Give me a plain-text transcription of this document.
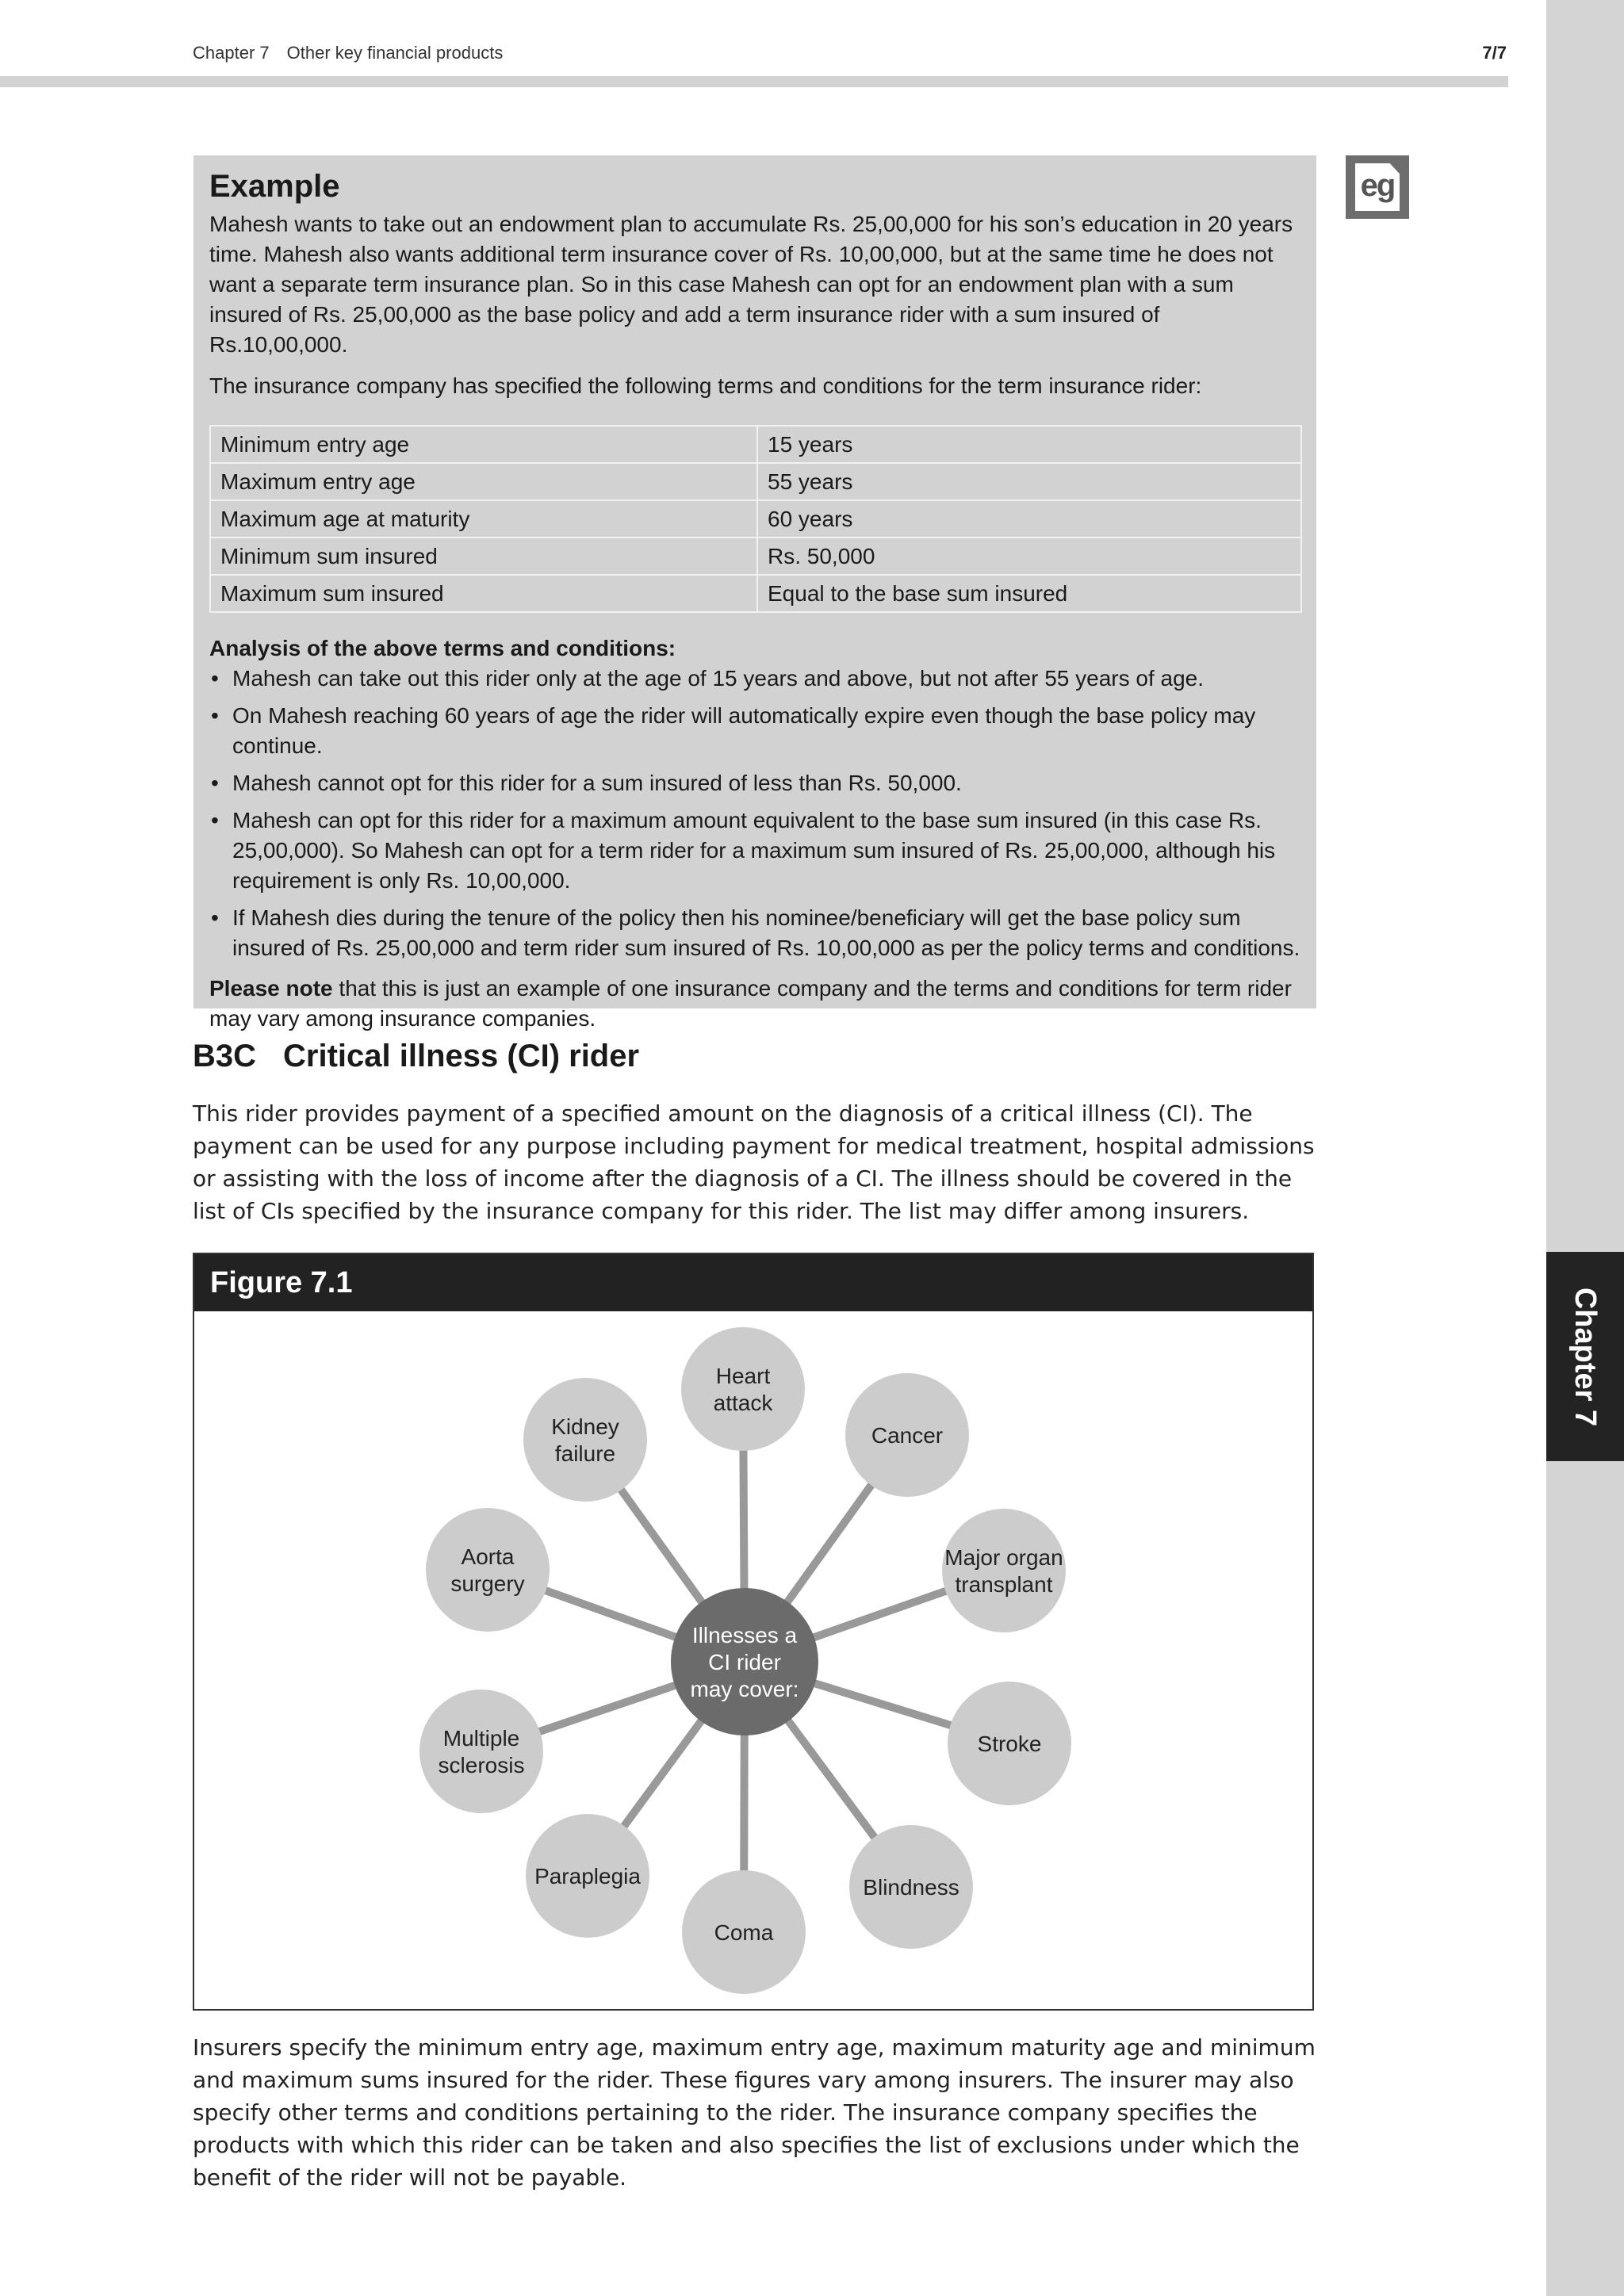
Chapter 7 Other key financial products	7/7
Chapter 7
eg
Example

Mahesh wants to take out an endowment plan to accumulate Rs. 25,00,000 for his son’s education in 20 years time. Mahesh also wants additional term insurance cover of Rs. 10,00,000, but at the same time he does not want a separate term insurance plan. So in this case Mahesh can opt for an endowment plan with a sum insured of Rs. 25,00,000 as the base policy and add a term insurance rider with a sum insured of Rs.10,00,000.

The insurance company has specified the following terms and conditions for the term insurance rider:

Minimum entry age	15 years
Maximum entry age	55 years
Maximum age at maturity	60 years
Minimum sum insured	Rs. 50,000
Maximum sum insured	Equal to the base sum insured

Analysis of the above terms and conditions:

• Mahesh can take out this rider only at the age of 15 years and above, but not after 55 years of age.
• On Mahesh reaching 60 years of age the rider will automatically expire even though the base policy may continue.
• Mahesh cannot opt for this rider for a sum insured of less than Rs. 50,000.
• Mahesh can opt for this rider for a maximum amount equivalent to the base sum insured (in this case Rs. 25,00,000). So Mahesh can opt for a term rider for a maximum sum insured of Rs. 25,00,000, although his requirement is only Rs. 10,00,000.
• If Mahesh dies during the tenure of the policy then his nominee/beneficiary will get the base policy sum insured of Rs. 25,00,000 and term rider sum insured of Rs. 10,00,000 as per the policy terms and conditions.

Please note that this is just an example of one insurance company and the terms and conditions for term rider may vary among insurance companies.

B3C Critical illness (CI) rider

This rider provides payment of a specified amount on the diagnosis of a critical illness (CI). The payment can be used for any purpose including payment for medical treatment, hospital admissions or assisting with the loss of income after the diagnosis of a CI. The illness should be covered in the list of CIs specified by the insurance company for this rider. The list may differ among insurers.

Figure 7.1
Heart attack
Cancer
Major organ transplant
Stroke
Blindness
Coma
Paraplegia
Multiple sclerosis
Aorta surgery
Kidney failure
Illnesses a CI rider may cover:

Insurers specify the minimum entry age, maximum entry age, maximum maturity age and minimum and maximum sums insured for the rider. These figures vary among insurers. The insurer may also specify other terms and conditions pertaining to the rider. The insurance company specifies the products with which this rider can be taken and also specifies the list of exclusions under which the benefit of the rider will not be payable.
